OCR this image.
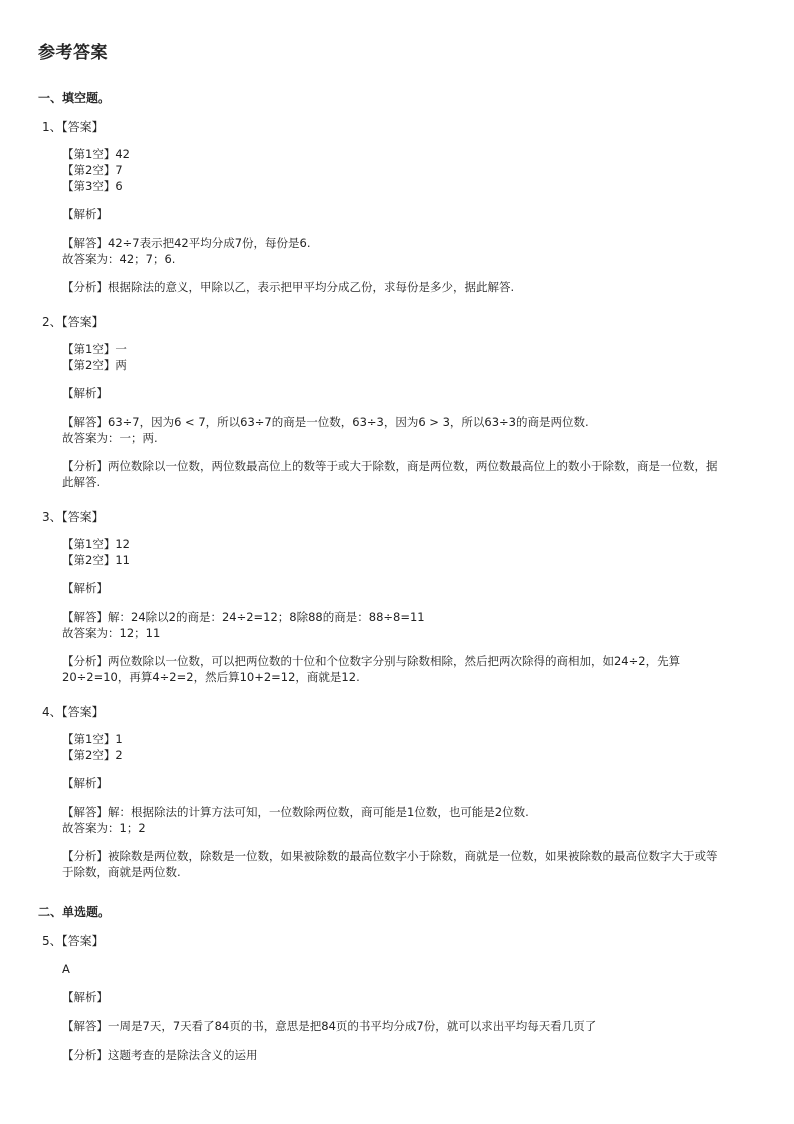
参考答案
一、填空题。
1、【答案】
【第1空】42
【第2空】7
【第3空】6
【解析】
【解答】42÷7表示把42平均分成7份，每份是6.
故答案为：42；7；6.
【分析】根据除法的意义，甲除以乙，表示把甲平均分成乙份，求每份是多少，据此解答.
2、【答案】
【第1空】一
【第2空】两
【解析】
【解答】63÷7，因为6 < 7，所以63÷7的商是一位数，63÷3，因为6 > 3，所以63÷3的商是两位数.
故答案为：一；两.
【分析】两位数除以一位数，两位数最高位上的数等于或大于除数，商是两位数，两位数最高位上的数小于除数，商是一位数，据此解答.
3、【答案】
【第1空】12
【第2空】11
【解析】
【解答】解：24除以2的商是：24÷2=12；8除88的商是：88÷8=11
故答案为：12；11
【分析】两位数除以一位数，可以把两位数的十位和个位数字分别与除数相除，然后把两次除得的商相加，如24÷2，先算20÷2=10，再算4÷2=2，然后算10+2=12，商就是12.
4、【答案】
【第1空】1
【第2空】2
【解析】
【解答】解：根据除法的计算方法可知，一位数除两位数，商可能是1位数，也可能是2位数.
故答案为：1；2
【分析】被除数是两位数，除数是一位数，如果被除数的最高位数字小于除数，商就是一位数，如果被除数的最高位数字大于或等于除数，商就是两位数.
二、单选题。
5、【答案】
A
【解析】
【解答】一周是7天，7天看了84页的书，意思是把84页的书平均分成7份，就可以求出平均每天看几页了
【分析】这题考查的是除法含义的运用
